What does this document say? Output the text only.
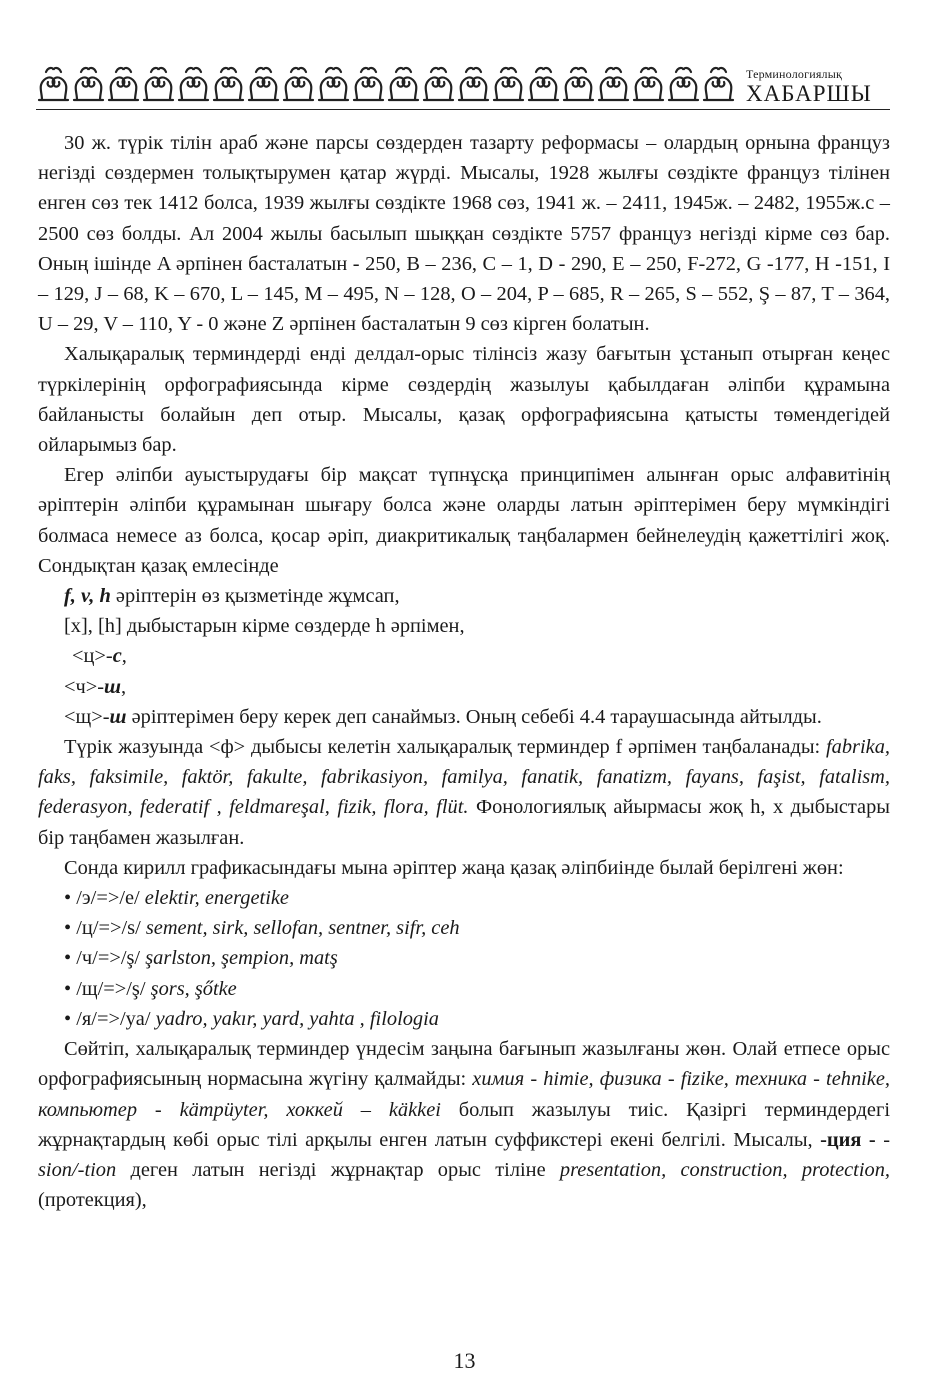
Терминологиялық
ХАБАРШЫ

30 ж. түрік тілін араб және парсы сөздерден тазарту реформасы – олардың орнына француз негізді сөздермен толықтырумен қатар жүрді. Мысалы, 1928 жылғы сөздікте француз тілінен енген сөз тек 1412 болса, 1939 жылғы сөздікте 1968 сөз, 1941 ж. – 2411, 1945ж. – 2482, 1955ж.с – 2500 сөз болды. Ал 2004 жылы басылып шыққан сөздікте 5757 француз негізді кірме сөз бар. Оның ішінде A әрпінен басталатын - 250, B – 236, C – 1, D - 290, E – 250, F-272, G -177, H -151, I – 129, J – 68, K – 670, L – 145, M – 495, N – 128, O – 204, P – 685, R – 265, S – 552, Ş – 87, T – 364, U – 29, V – 110, Y - 0 және Z әрпінен басталатын 9 сөз кірген болатын.

Халықаралық терминдерді енді делдал-орыс тілінсіз жазу бағытын ұстанып отырған кеңес түркілерінің орфографиясында кірме сөздердің жазылуы қабылдаған әліпби құрамына байланысты болайын деп отыр. Мысалы, қазақ орфографиясына қатысты төмендегідей ойларымыз бар.

Егер әліпби ауыстырудағы бір мақсат түпнұсқа принципімен алынған орыс алфавитінің әріптерін әліпби құрамынан шығару болса және оларды латын әріптерімен беру мүмкіндігі болмаса немесе аз болса, қосар әріп, диакритикалық таңбалармен бейнелеудің қажеттілігі жоқ. Сондықтан қазақ емлесінде

f, v, h әріптерін өз қызметінде жұмсап,

[х], [һ] дыбыстарын кірме сөздерде h әрпімен,

<ц>-c,

<ч>-ш,

<щ>-ш әріптерімен беру керек деп санаймыз. Оның себебі 4.4 тараушасында айтылды.

Түрік жазуында <ф> дыбысы келетін халықаралық терминдер f әрпімен таңбаланады: fabrika, faks, faksimile, faktör, fakulte, fabrikasiyon, familya, fanatik, fanatizm, fayans, faşist, fatalism, federasyon, federatif , feldmareşal, fizik, flora, flüt. Фонологиялық айырмасы жоқ h, x дыбыстары бір таңбамен жазылған.

Сонда кирилл графикасындағы мына әріптер жаңа қазақ әліпбиінде былай берілгені жөн:

• /э/=>/e/ elektir, energetike

• /ц/=>/s/ sement, sirk, sellofan, sentner, sifr, ceh

• /ч/=>/ş/ şarlston, şempion, matş

• /щ/=>/ş/ şors, şőtke

• /я/=>/ya/ yadro, yakır, yard, yahta , filologia

Сөйтіп, халықаралық терминдер үндесім заңына бағынып жазылғаны жөн. Олай етпесе орыс орфографиясының нормасына жүгіну қалмайды: химия - himie, физика - fizike, техника - tehnike, компьютер - kämpüyter, хоккей – käkkei болып жазылуы тиіс. Қазіргі терминдердегі жұрнақтардың көбі орыс тілі арқылы енген латын суффикстері екені белгілі. Мысалы, -ция - -sion/-tion деген латын негізді жұрнақтар орыс тіліне presentation, construction, protection, (протекция),

13
